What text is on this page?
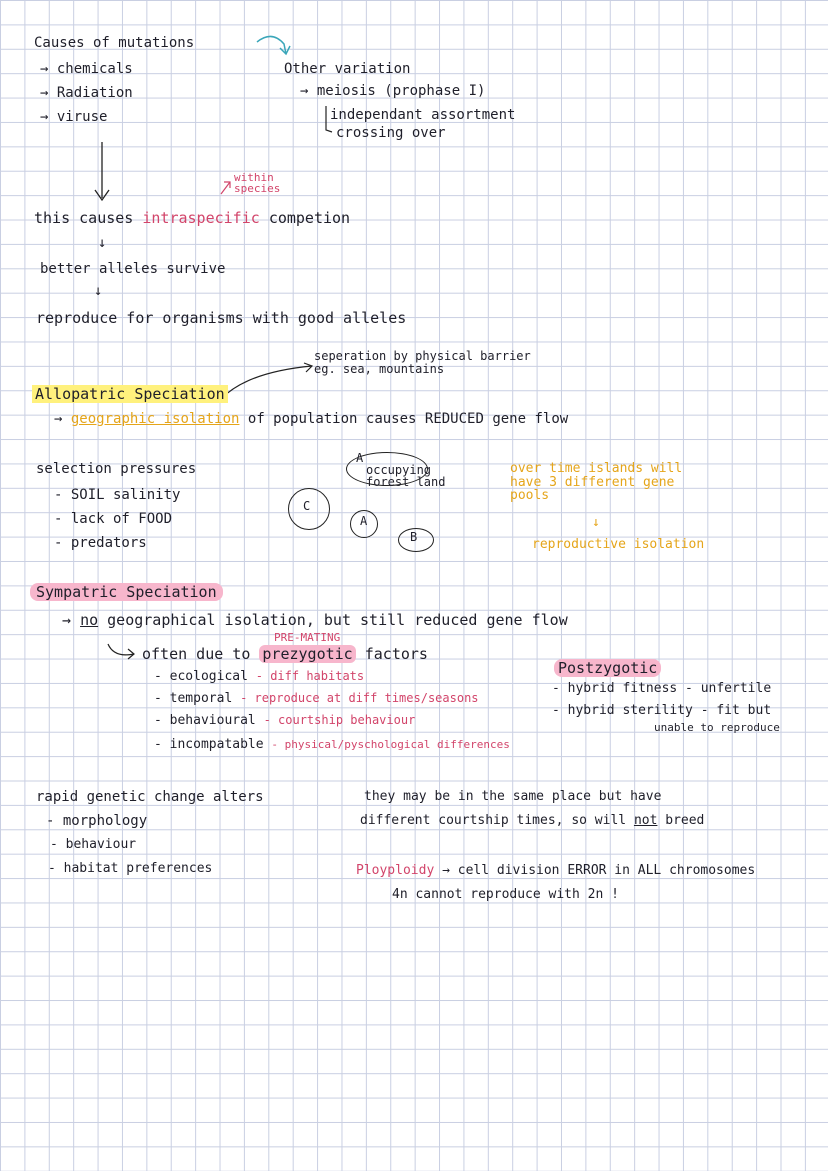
Causes of mutations
→ chemicals
→ Radiation
→ viruse
Other variation
→ meiosis (prophase I)
independant assortment
crossing over
within species
this causes intraspecific competion
↓
better alleles survive
↓
reproduce for organisms with good alleles
seperation by physical barrier eg. sea, mountains
Allopatric Speciation
→ geographic isolation of population causes REDUCED gene flow
selection pressures
- SOIL salinity
- lack of FOOD
- predators
A
occupying forest land
C
A
B
over time islands will have 3 different gene pools
↓
reproductive isolation
Sympatric Speciation
→ no geographical isolation, but still reduced gene flow
PRE-MATING
often due to prezygotic factors
- ecological - diff habitats
- temporal - reproduce at diff times/seasons
- behavioural - courtship behaviour
- incompatable - physical/pyschological differences
Postzygotic
- hybrid fitness - unfertile
- hybrid sterility - fit but
unable to reproduce
rapid genetic change alters
- morphology
- behaviour
- habitat preferences
they may be in the same place but have
different courtship times, so will not breed
Ployploidy → cell division ERROR in ALL chromosomes
4n cannot reproduce with 2n !
